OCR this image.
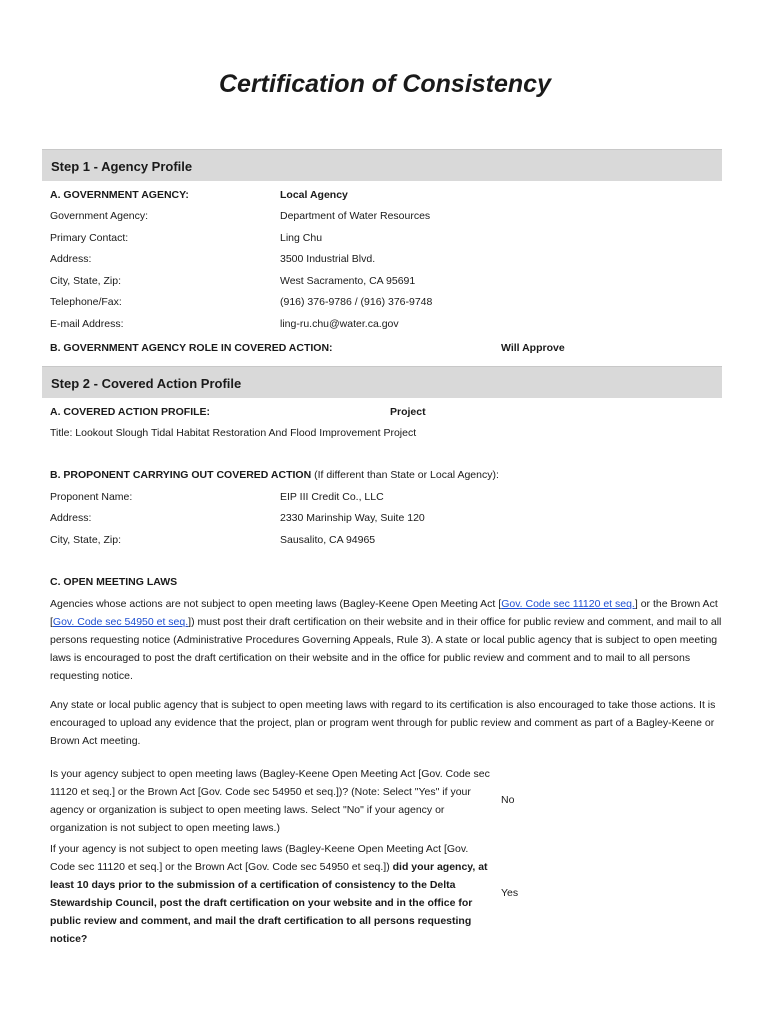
Certification of Consistency
Step 1 - Agency Profile
A. GOVERNMENT AGENCY:	Local Agency
Government Agency:	Department of Water Resources
Primary Contact:	Ling Chu
Address:	3500 Industrial Blvd.
City, State, Zip:	West Sacramento, CA 95691
Telephone/Fax:	(916) 376-9786 / (916) 376-9748
E-mail Address:	ling-ru.chu@water.ca.gov
B. GOVERNMENT AGENCY ROLE IN COVERED ACTION:	Will Approve
Step 2 - Covered Action Profile
A. COVERED ACTION PROFILE:	Project
Title: Lookout Slough Tidal Habitat Restoration And Flood Improvement Project
B. PROPONENT CARRYING OUT COVERED ACTION (If different than State or Local Agency):
Proponent Name:	EIP III Credit Co., LLC
Address:	2330 Marinship Way, Suite 120
City, State, Zip:	Sausalito, CA 94965
C. OPEN MEETING LAWS
Agencies whose actions are not subject to open meeting laws (Bagley-Keene Open Meeting Act [Gov. Code sec 11120 et seq.] or the Brown Act [Gov. Code sec 54950 et seq.]) must post their draft certification on their website and in their office for public review and comment, and mail to all persons requesting notice (Administrative Procedures Governing Appeals, Rule 3). A state or local public agency that is subject to open meeting laws is encouraged to post the draft certification on their website and in the office for public review and comment and to mail to all persons requesting notice.
Any state or local public agency that is subject to open meeting laws with regard to its certification is also encouraged to take those actions. It is encouraged to upload any evidence that the project, plan or program went through for public review and comment as part of a Bagley-Keene or Brown Act meeting.
Is your agency subject to open meeting laws (Bagley-Keene Open Meeting Act [Gov. Code sec 11120 et seq.] or the Brown Act [Gov. Code sec 54950 et seq.])? (Note: Select "Yes" if your agency or organization is subject to open meeting laws. Select "No" if your agency or organization is not subject to open meeting laws.)
No
If your agency is not subject to open meeting laws (Bagley-Keene Open Meeting Act [Gov. Code sec 11120 et seq.] or the Brown Act [Gov. Code sec 54950 et seq.]) did your agency, at least 10 days prior to the submission of a certification of consistency to the Delta Stewardship Council, post the draft certification on your website and in the office for public review and comment, and mail the draft certification to all persons requesting notice?
Yes
